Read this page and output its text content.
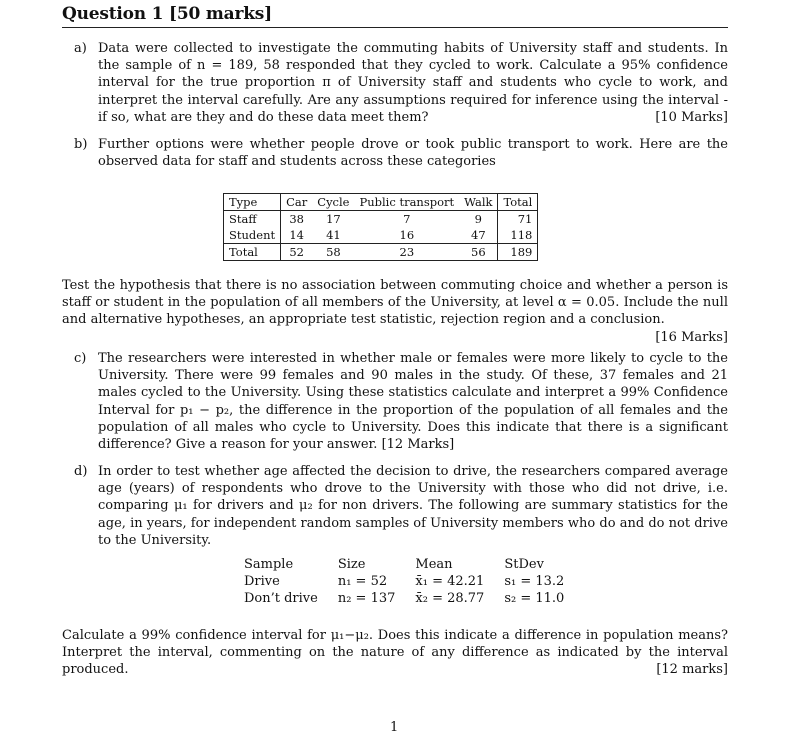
Question 1 [50 marks]
a) Data were collected to investigate the commuting habits of University staff and students. In the sample of n = 189, 58 responded that they cycled to work. Calculate a 95% confidence interval for the true proportion π of University staff and students who cycle to work, and interpret the interval carefully. Are any assumptions required for inference using the interval - if so, what are they and do these data meet them?	[10 Marks]
b) Further options were whether people drove or took public transport to work. Here are the observed data for staff and students across these categories
Type	Car	Cycle	Public transport	Walk	Total
Staff	38	17	7	9	71
Student	14	41	16	47	118
Total	52	58	23	56	189
Test the hypothesis that there is no association between commuting choice and whether a person is staff or student in the population of all members of the University, at level α = 0.05. Include the null and alternative hypotheses, an appropriate test statistic, rejection region and a conclusion.
[16 Marks]
c) The researchers were interested in whether male or females were more likely to cycle to the University. There were 99 females and 90 males in the study. Of these, 37 females and 21 males cycled to the University. Using these statistics calculate and interpret a 99% Confidence Interval for p₁ − p₂, the difference in the proportion of the population of all females and the population of all males who cycle to University. Does this indicate that there is a significant difference? Give a reason for your answer. [12 Marks]
d) In order to test whether age affected the decision to drive, the researchers compared average age (years) of respondents who drove to the University with those who did not drive, i.e. comparing μ₁ for drivers and μ₂ for non drivers. The following are summary statistics for the age, in years, for independent random samples of University members who do and do not drive to the University.
Sample	Size	Mean	StDev
Drive	n₁ = 52	x̄₁ = 42.21	s₁ = 13.2
Don’t drive	n₂ = 137	x̄₂ = 28.77	s₂ = 11.0
Calculate a 99% confidence interval for μ₁−μ₂. Does this indicate a difference in population means? Interpret the interval, commenting on the nature of any difference as indicated by the interval produced.	[12 marks]
1
